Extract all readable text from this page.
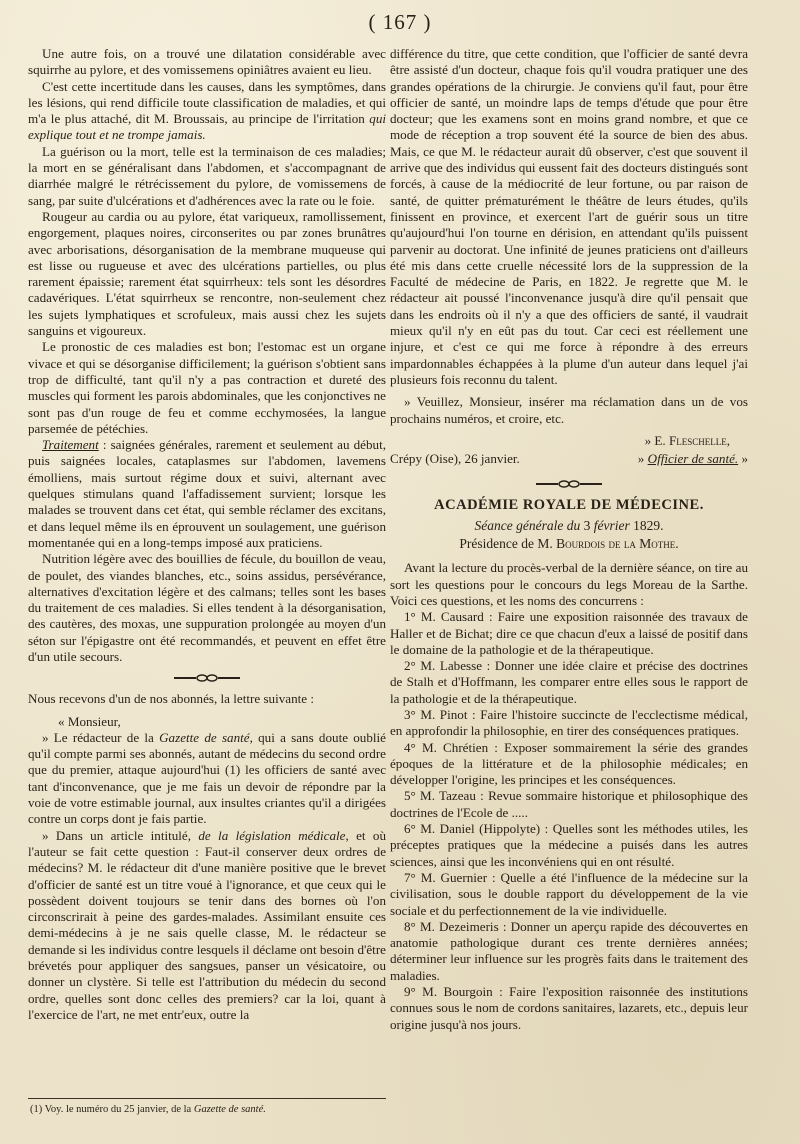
( 167 )

Une autre fois, on a trouvé une dilatation considérable avec squirrhe au pylore, et des vomissemens opiniâtres avaient eu lieu.

C'est cette incertitude dans les causes, dans les symptômes, dans les lésions, qui rend difficile toute classification de maladies, et qui m'a le plus attaché, dit M. Broussais, au principe de l'irritation qui explique tout et ne trompe jamais.

La guérison ou la mort, telle est la terminaison de ces maladies; la mort en se généralisant dans l'abdomen, et s'accompagnant de diarrhée malgré le rétrécissement du pylore, de vomissemens de sang, par suite d'ulcérations et d'adhérences avec la rate ou le foie.

Rougeur au cardia ou au pylore, état variqueux, ramollissement, engorgement, plaques noires, circonserites ou par zones brunâtres avec arborisations, désorganisation de la membrane muqueuse qui est lisse ou rugueuse et avec des ulcérations partielles, ou plus rarement épaissie; rarement état squirrheux: tels sont les désordres cadavériques. L'état squirrheux se rencontre, non-seulement chez les sujets lymphatiques et scrofuleux, mais aussi chez les sujets sanguins et vigoureux.

Le pronostic de ces maladies est bon; l'estomac est un organe vivace et qui se désorganise difficilement; la guérison s'obtient sans trop de difficulté, tant qu'il n'y a pas contraction et dureté des muscles qui forment les parois abdominales, que les conjonctives ne sont pas d'un rouge de feu et comme ecchymosées, la langue parsemée de pétéchies.

Traitement : saignées générales, rarement et seulement au début, puis saignées locales, cataplasmes sur l'abdomen, lavemens émolliens, mais surtout régime doux et suivi, alternant avec quelques stimulans quand l'affadissement survient; lorsque les malades se trouvent dans cet état, qui semble réclamer des excitans, et dans lequel même ils en éprouvent un soulagement, une guérison momentanée qui en a long-temps imposé aux praticiens.

Nutrition légère avec des bouillies de fécule, du bouillon de veau, de poulet, des viandes blanches, etc., soins assidus, persévérance, alternatives d'excitation légère et des calmans; telles sont les bases du traitement de ces maladies. Si elles tendent à la désorganisation, des cautères, des moxas, une suppuration prolongée au moyen d'un séton sur l'épigastre ont été recommandés, et peuvent en effet être d'un utile secours.

Nous recevons d'un de nos abonnés, la lettre suivante :

« Monsieur,

» Le rédacteur de la Gazette de santé, qui a sans doute oublié qu'il compte parmi ses abonnés, autant de médecins du second ordre que du premier, attaque aujourd'hui (1) les officiers de santé avec tant d'inconvenance, que je me fais un devoir de répondre par la voie de votre estimable journal, aux insultes criantes qu'il a dirigées contre un corps dont je fais partie.

» Dans un article intitulé, de la législation médicale, et où l'auteur se fait cette question : Faut-il conserver deux ordres de médecins? M. le rédacteur dit d'une manière positive que le brevet d'officier de santé est un titre voué à l'ignorance, et que ceux qui le possèdent doivent toujours se tenir dans des bornes où l'on circonscrirait à peine des gardes-malades. Assimilant ensuite ces demi-médecins à je ne sais quelle classe, M. le rédacteur se demande si les individus contre lesquels il déclame ont besoin d'être brévetés pour appliquer des sangsues, panser un vésicatoire, ou donner un clystère. Si telle est l'attribution du médecin du second ordre, quelles sont donc celles des premiers? car la loi, quant à l'exercice de l'art, ne met entr'eux, outre la

(1) Voy. le numéro du 25 janvier, de la Gazette de santé.

différence du titre, que cette condition, que l'officier de santé devra être assisté d'un docteur, chaque fois qu'il voudra pratiquer une des grandes opérations de la chirurgie. Je conviens qu'il faut, pour être officier de santé, un moindre laps de temps d'étude que pour être docteur; que les examens sont en moins grand nombre, et que ce mode de réception a trop souvent été la source de bien des abus. Mais, ce que M. le rédacteur aurait dû observer, c'est que souvent il arrive que des individus qui eussent fait des docteurs distingués sont forcés, à cause de la médiocrité de leur fortune, ou par raison de santé, de quitter prématurément le théâtre de leurs études, qu'ils finissent en province, et exercent l'art de guérir sous un titre qu'aujourd'hui l'on tourne en dérision, en attendant qu'ils puissent parvenir au doctorat. Une infinité de jeunes praticiens ont d'ailleurs été mis dans cette cruelle nécessité lors de la suppression de la Faculté de médecine de Paris, en 1822. Je regrette que M. le rédacteur ait poussé l'inconvenance jusqu'à dire qu'il pensait que dans les endroits où il n'y a que des officiers de santé, il vaudrait mieux qu'il n'y en eût pas du tout. Car ceci est réellement une injure, et c'est ce qui me force à répondre à des erreurs impardonnables échappées à la plume d'un auteur dans lequel j'ai plusieurs fois reconnu du talent.

» Veuillez, Monsieur, insérer ma réclamation dans un de vos prochains numéros, et croire, etc.

» E. Fleschelle,
Crépy (Oise), 26 janvier.	» Officier de santé. »
ACADÉMIE ROYALE DE MÉDECINE.
Séance générale du 3 février 1829.
Présidence de M. Bourdois de la Mothe.

Avant la lecture du procès-verbal de la dernière séance, on tire au sort les questions pour le concours du legs Moreau de la Sarthe. Voici ces questions, et les noms des concurrens :

1° M. Causard : Faire une exposition raisonnée des travaux de Haller et de Bichat; dire ce que chacun d'eux a laissé de positif dans le domaine de la pathologie et de la thérapeutique.

2° M. Labesse : Donner une idée claire et précise des doctrines de Stalh et d'Hoffmann, les comparer entre elles sous le rapport de la pathologie et de la thérapeutique.

3° M. Pinot : Faire l'histoire succincte de l'ecclectisme médical, en approfondir la philosophie, en tirer des conséquences pratiques.

4° M. Chrétien : Exposer sommairement la série des grandes époques de la littérature et de la philosophie médicales; en développer l'origine, les principes et les conséquences.

5° M. Tazeau : Revue sommaire historique et philosophique des doctrines de l'Ecole de .....

6° M. Daniel (Hippolyte) : Quelles sont les méthodes utiles, les préceptes pratiques que la médecine a puisés dans les autres sciences, ainsi que les inconvéniens qui en ont résulté.

7° M. Guernier : Quelle a été l'influence de la médecine sur la civilisation, sous le double rapport du développement de la vie sociale et du perfectionnement de la vie individuelle.

8° M. Dezeimeris : Donner un aperçu rapide des découvertes en anatomie pathologique durant ces trente dernières années; déterminer leur influence sur les progrès faits dans le traitement des maladies.

9° M. Bourgoin : Faire l'exposition raisonnée des institutions connues sous le nom de cordons sanitaires, lazarets, etc., depuis leur origine jusqu'à nos jours.
